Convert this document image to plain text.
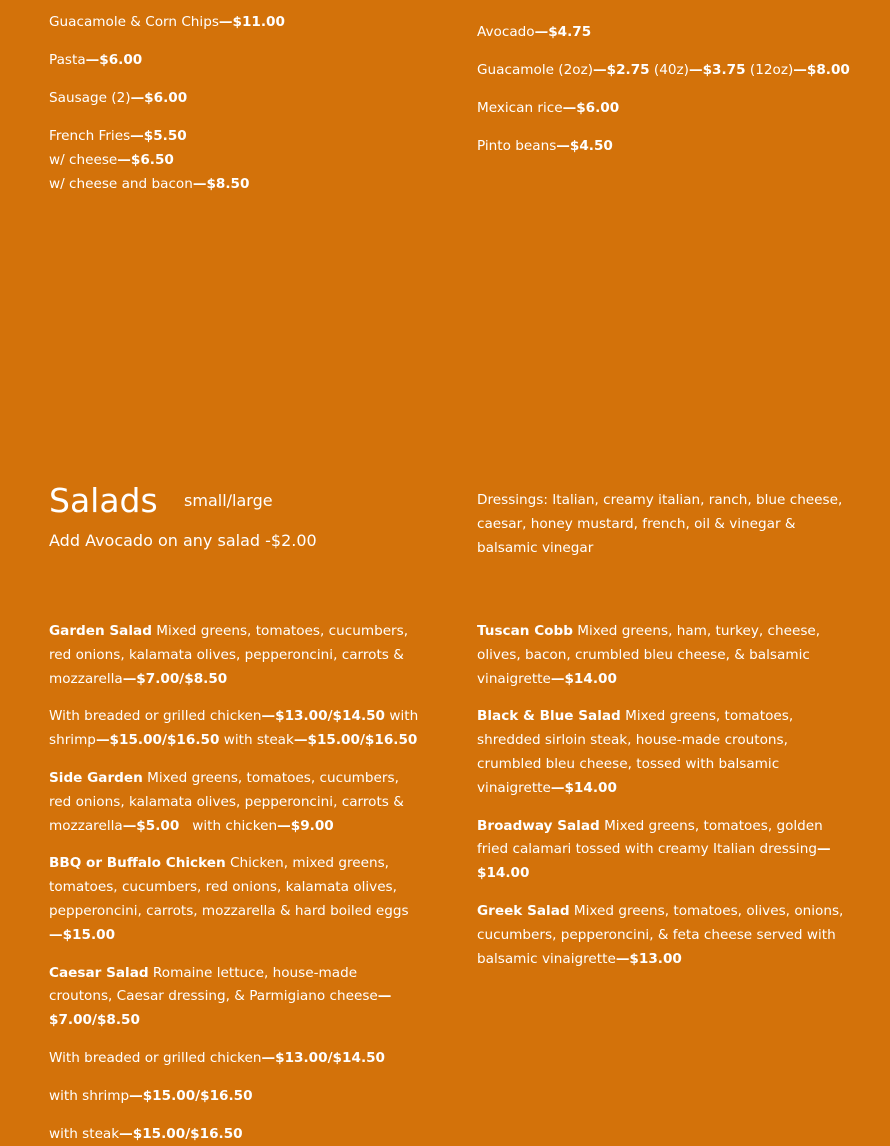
Guacamole & Corn Chips—$11.00
Pasta—$6.00
Sausage (2)—$6.00
French Fries—$5.50
w/ cheese—$6.50
w/ cheese and bacon—$8.50
Avocado—$4.75
Guacamole (2oz)—$2.75 (40z)—$3.75 (12oz)—$8.00
Mexican rice—$6.00
Pinto beans—$4.50
Salads small/large
Add Avocado on any salad -$2.00

Dressings: Italian, creamy italian, ranch, blue cheese, caesar, honey mustard, french, oil & vinegar & balsamic vinegar

Garden Salad Mixed greens, tomatoes, cucumbers, red onions, kalamata olives, pepperoncini, carrots & mozzarella—$7.00/$8.50

With breaded or grilled chicken—$13.00/$14.50 with shrimp—$15.00/$16.50 with steak—$15.00/$16.50

Side Garden Mixed greens, tomatoes, cucumbers, red onions, kalamata olives, pepperoncini, carrots & mozzarella—$5.00   with chicken—$9.00

BBQ or Buffalo Chicken Chicken, mixed greens, tomatoes, cucumbers, red onions, kalamata olives, pepperoncini, carrots, mozzarella & hard boiled eggs—$15.00

Caesar Salad Romaine lettuce, house-made croutons, Caesar dressing, & Parmigiano cheese—$7.00/$8.50

With breaded or grilled chicken—$13.00/$14.50

with shrimp—$15.00/$16.50

with steak—$15.00/$16.50

Tuscan Cobb Mixed greens, ham, turkey, cheese, olives, bacon, crumbled bleu cheese, & balsamic vinaigrette—$14.00

Black & Blue Salad Mixed greens, tomatoes, shredded sirloin steak, house-made croutons, crumbled bleu cheese, tossed with balsamic vinaigrette—$14.00

Broadway Salad Mixed greens, tomatoes, golden fried calamari tossed with creamy Italian dressing—$14.00

Greek Salad Mixed greens, tomatoes, olives, onions, cucumbers, pepperoncini, & feta cheese served with balsamic vinaigrette—$13.00
